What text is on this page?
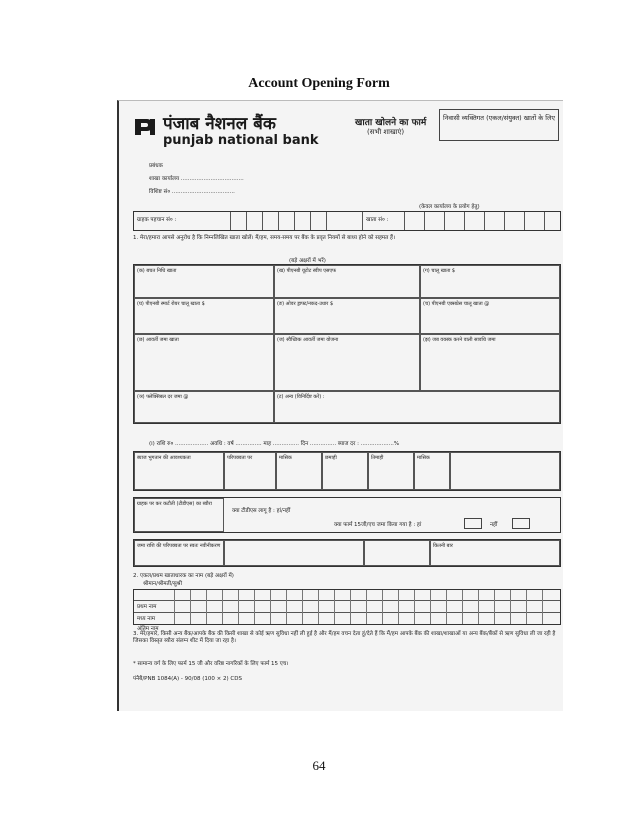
Account Opening Form
पंजाब नैशनल बैंक
punjab national bank
खाता खोलने का फार्म
(सभी शाखाएं)
निवासी व्यक्तिगत (एकल/संयुक्त) खातों के लिए
प्रबंधक
शाखा कार्यालय ....................................
विशिष्ट सं० ....................................
(केवल कार्यालय के प्रयोग हेतु)
ग्राहक पहचान सं० :	खाता सं० :
1. मेरा/हमारा आपसे अनुरोध है कि निम्नलिखित खाता खोलें। मैं/हम, समय-समय पर बैंक के प्रवृत नियमों से बाध्य होने को सहमत हैं।
(बड़े अक्षरों में भरें)
(क) बचत निधि खाता	(ख) पीएनबी यूटोट स्वीप एसएफ	(ग) चालू खाता $
(घ) पीएनबी स्मार्ट रोयर चालू खाता $	(ङ) ओवर ड्राफ्ट/नकद-उधार $	(च) पीएनबी एक्सप्रेस चालू खाता @
(छ) आवर्ती जमा खाता	(ज) स्वैच्छिक आवर्ती जमा योजना	(झ) जब वयस्क करने वाली सावधि जमा
(ञ) फ्लेक्सिबल दर जमा @	(ट) अन्य (विनिर्दिष्ट करें) :
(i) राशि रु० ................... अवधि : वर्ष ............... माह ............... दिन ............... ब्याज दर : ...................%
ब्याज भुगतान की आवश्यकता	परिपक्वता पर	मासिक	छमाही	तिमाही	मासिक
ग्राहक पर कर कटौती (टीडीएस) का ब्यौरा
क्या टीडीएस लागू है : हां/नहीं
क्या फार्म 15जी/एच जमा किया गया है : हां	नहीं
जमा राशि की परिपक्वता पर स्वतः नवीनीकरण	कितनी बार
2. एकल/प्रथम खाताधारक का नाम (बड़े अक्षरों में)
श्रीमान/श्रीमती/सुश्री
प्रथम नाम
मध्य नाम
अंतिम नाम
3. मेरे/हमारे, किसी अन्य बैंक/आपके बैंक की किसी शाखा से कोई ऋण सुविधा नहीं ली हुई है और मैं/हम वचन देता हूं/देते हैं कि मैं/हम आपके बैंक की शाखा/शाखाओं या अन्य बैंक/बैंकों से ऋण सुविधा ली जा रही है जिसका विस्तृत ब्यौरा संलग्न शीट में दिया जा रहा है।
* सामान्य वर्ग के लिए फार्म 15 जी और वरिष्ठ नागरिकों के लिए फार्म 15 एच।
पंनैबै/PNB 1084(A) - 90/08 (100 × 2) CDS
64
